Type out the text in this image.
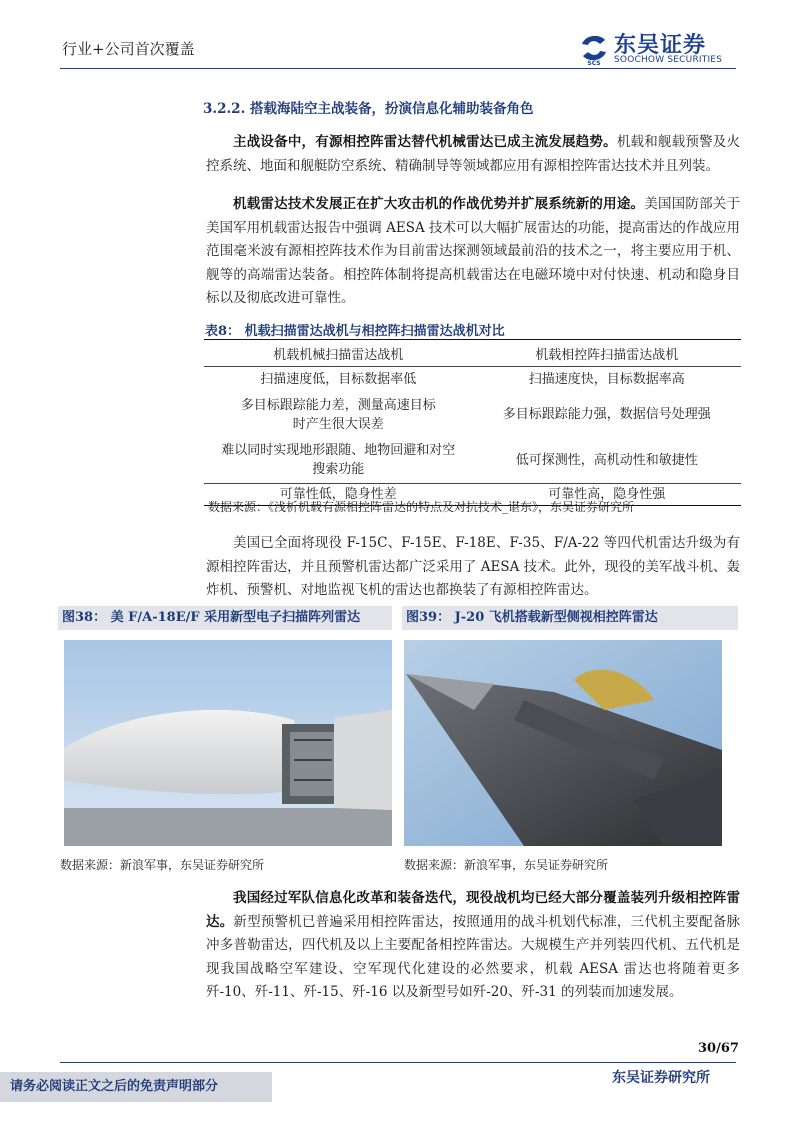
行业+公司首次覆盖
SCS
东吴证券
SOOCHOW SECURITIES
3.2.2. 搭载海陆空主战装备，扮演信息化辅助装备角色
主战设备中，有源相控阵雷达替代机械雷达已成主流发展趋势。机载和舰载预警及火控系统、地面和舰艇防空系统、精确制导等领域都应用有源相控阵雷达技术并且列装。
机载雷达技术发展正在扩大攻击机的作战优势并扩展系统新的用途。美国国防部关于美国军用机载雷达报告中强调 AESA 技术可以大幅扩展雷达的功能，提高雷达的作战应用范围毫米波有源相控阵技术作为目前雷达探测领域最前沿的技术之一，将主要应用于机、舰等的高端雷达装备。相控阵体制将提高机载雷达在电磁环境中对付快速、机动和隐身目标以及彻底改进可靠性。
表8： 机载扫描雷达战机与相控阵扫描雷达战机对比
机载机械扫描雷达战机	机载相控阵扫描雷达战机
扫描速度低，目标数据率低	扫描速度快，目标数据率高
多目标跟踪能力差，测量高速目标时产生很大误差	多目标跟踪能力强，数据信号处理强
难以同时实现地形跟随、地物回避和对空搜索功能	低可探测性，高机动性和敏捷性
可靠性低，隐身性差	可靠性高，隐身性强
数据来源：《浅析机载有源相控阵雷达的特点及对抗技术_谌东》，东吴证券研究所
美国已全面将现役 F-15C、F-15E、F-18E、F-35、F/A-22 等四代机雷达升级为有源相控阵雷达，并且预警机雷达都广泛采用了 AESA 技术。此外，现役的美军战斗机、轰炸机、预警机、对地监视飞机的雷达也都换装了有源相控阵雷达。
图38： 美 F/A-18E/F 采用新型电子扫描阵列雷达
数据来源：新浪军事，东吴证券研究所
图39： J-20 飞机搭载新型侧视相控阵雷达
数据来源：新浪军事，东吴证券研究所
我国经过军队信息化改革和装备迭代，现役战机均已经大部分覆盖装列升级相控阵雷达。新型预警机已普遍采用相控阵雷达，按照通用的战斗机划代标准，三代机主要配备脉冲多普勒雷达，四代机及以上主要配备相控阵雷达。大规模生产并列装四代机、五代机是现我国战略空军建设、空军现代化建设的必然要求，机载 AESA 雷达也将随着更多歼-10、歼-11、歼-15、歼-16 以及新型号如歼-20、歼-31 的列装而加速发展。
30/67
请务必阅读正文之后的免责声明部分
东吴证券研究所
